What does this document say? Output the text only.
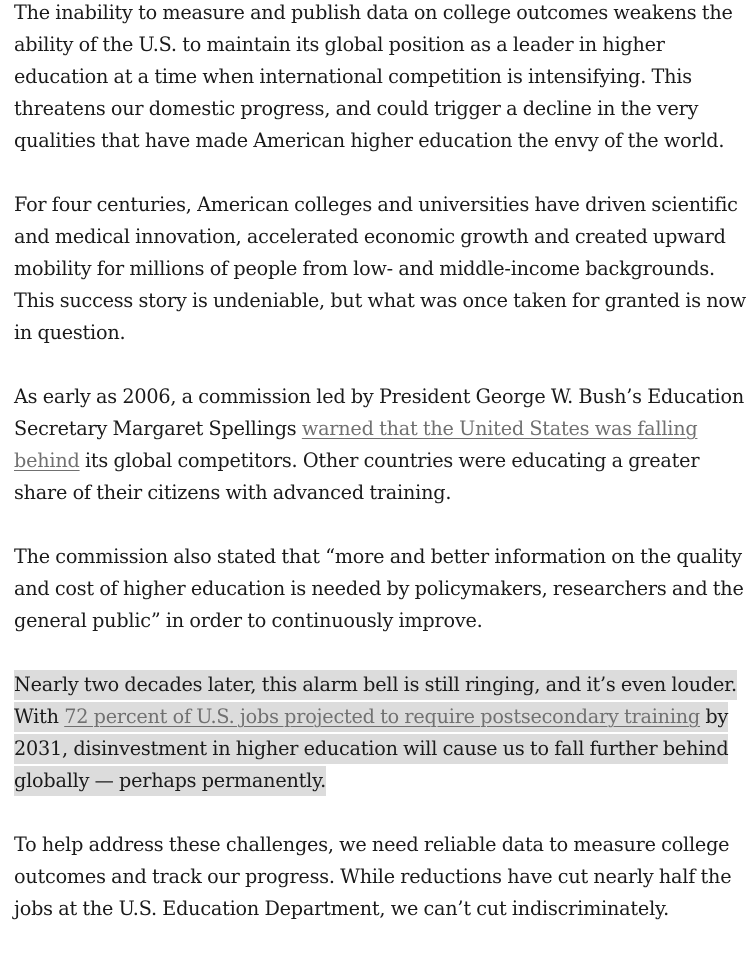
The inability to measure and publish data on college outcomes weakens the ability of the U.S. to maintain its global position as a leader in higher education at a time when international competition is intensifying. This threatens our domestic progress, and could trigger a decline in the very qualities that have made American higher education the envy of the world.

For four centuries, American colleges and universities have driven scientific and medical innovation, accelerated economic growth and created upward mobility for millions of people from low- and middle-income backgrounds. This success story is undeniable, but what was once taken for granted is now in question.

As early as 2006, a commission led by President George W. Bush’s Education Secretary Margaret Spellings warned that the United States was falling behind its global competitors. Other countries were educating a greater share of their citizens with advanced training.

The commission also stated that “more and better information on the quality and cost of higher education is needed by policymakers, researchers and the general public” in order to continuously improve.

Nearly two decades later, this alarm bell is still ringing, and it’s even louder. With 72 percent of U.S. jobs projected to require postsecondary training by 2031, disinvestment in higher education will cause us to fall further behind globally — perhaps permanently.

To help address these challenges, we need reliable data to measure college outcomes and track our progress. While reductions have cut nearly half the jobs at the U.S. Education Department, we can’t cut indiscriminately.
